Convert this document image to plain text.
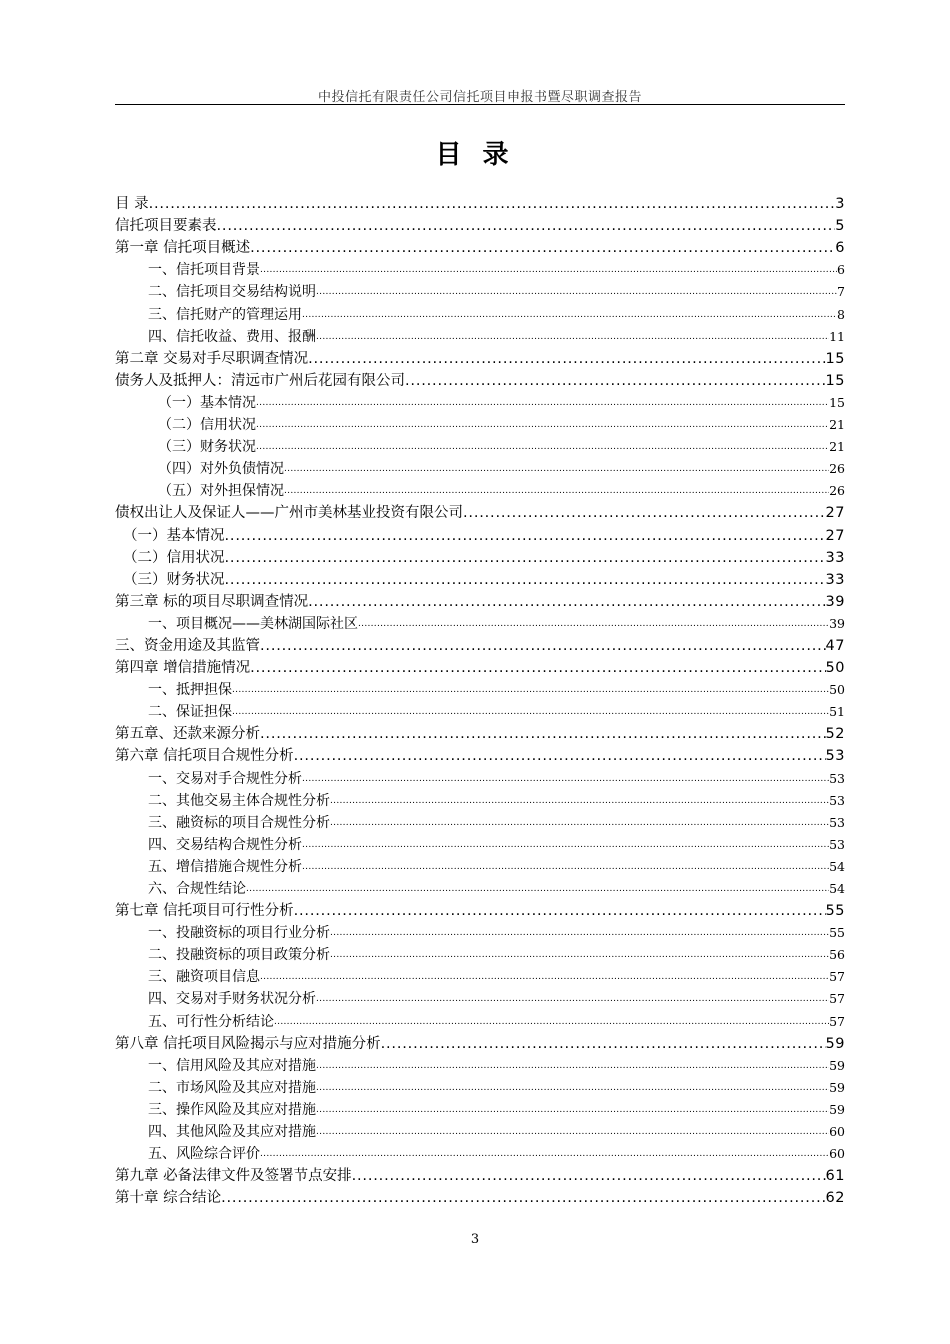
中投信托有限责任公司信托项目申报书暨尽职调查报告
目 录
目 录 .....	3
信托项目要素表 .....	5
第一章 信托项目概述 .....	6
一、信托项目背景 .....	6
二、信托项目交易结构说明 .....	7
三、信托财产的管理运用 .....	8
四、信托收益、费用、报酬 .....	11
第二章 交易对手尽职调查情况 .....	15
债务人及抵押人：清远市广州后花园有限公司 .....	15
（一）基本情况 .....	15
（二）信用状况 .....	21
（三）财务状况 .....	21
（四）对外负债情况 .....	26
（五）对外担保情况 .....	26
债权出让人及保证人——广州市美林基业投资有限公司 .....	27
（一）基本情况 .....	27
（二）信用状况 .....	33
（三）财务状况 .....	33
第三章 标的项目尽职调查情况 .....	39
一、项目概况——美林湖国际社区 .....	39
三、资金用途及其监管 .....	47
第四章 增信措施情况 .....	50
一、抵押担保 .....	50
二、保证担保 .....	51
第五章、还款来源分析 .....	52
第六章 信托项目合规性分析 .....	53
一、交易对手合规性分析 .....	53
二、其他交易主体合规性分析 .....	53
三、融资标的项目合规性分析 .....	53
四、交易结构合规性分析 .....	53
五、增信措施合规性分析 .....	54
六、合规性结论 .....	54
第七章 信托项目可行性分析 .....	55
一、投融资标的项目行业分析 .....	55
二、投融资标的项目政策分析 .....	56
三、融资项目信息 .....	57
四、交易对手财务状况分析 .....	57
五、可行性分析结论 .....	57
第八章 信托项目风险揭示与应对措施分析 .....	59
一、信用风险及其应对措施 .....	59
二、市场风险及其应对措施 .....	59
三、操作风险及其应对措施 .....	59
四、其他风险及其应对措施 .....	60
五、风险综合评价 .....	60
第九章 必备法律文件及签署节点安排 .....	61
第十章 综合结论 .....	62
3
